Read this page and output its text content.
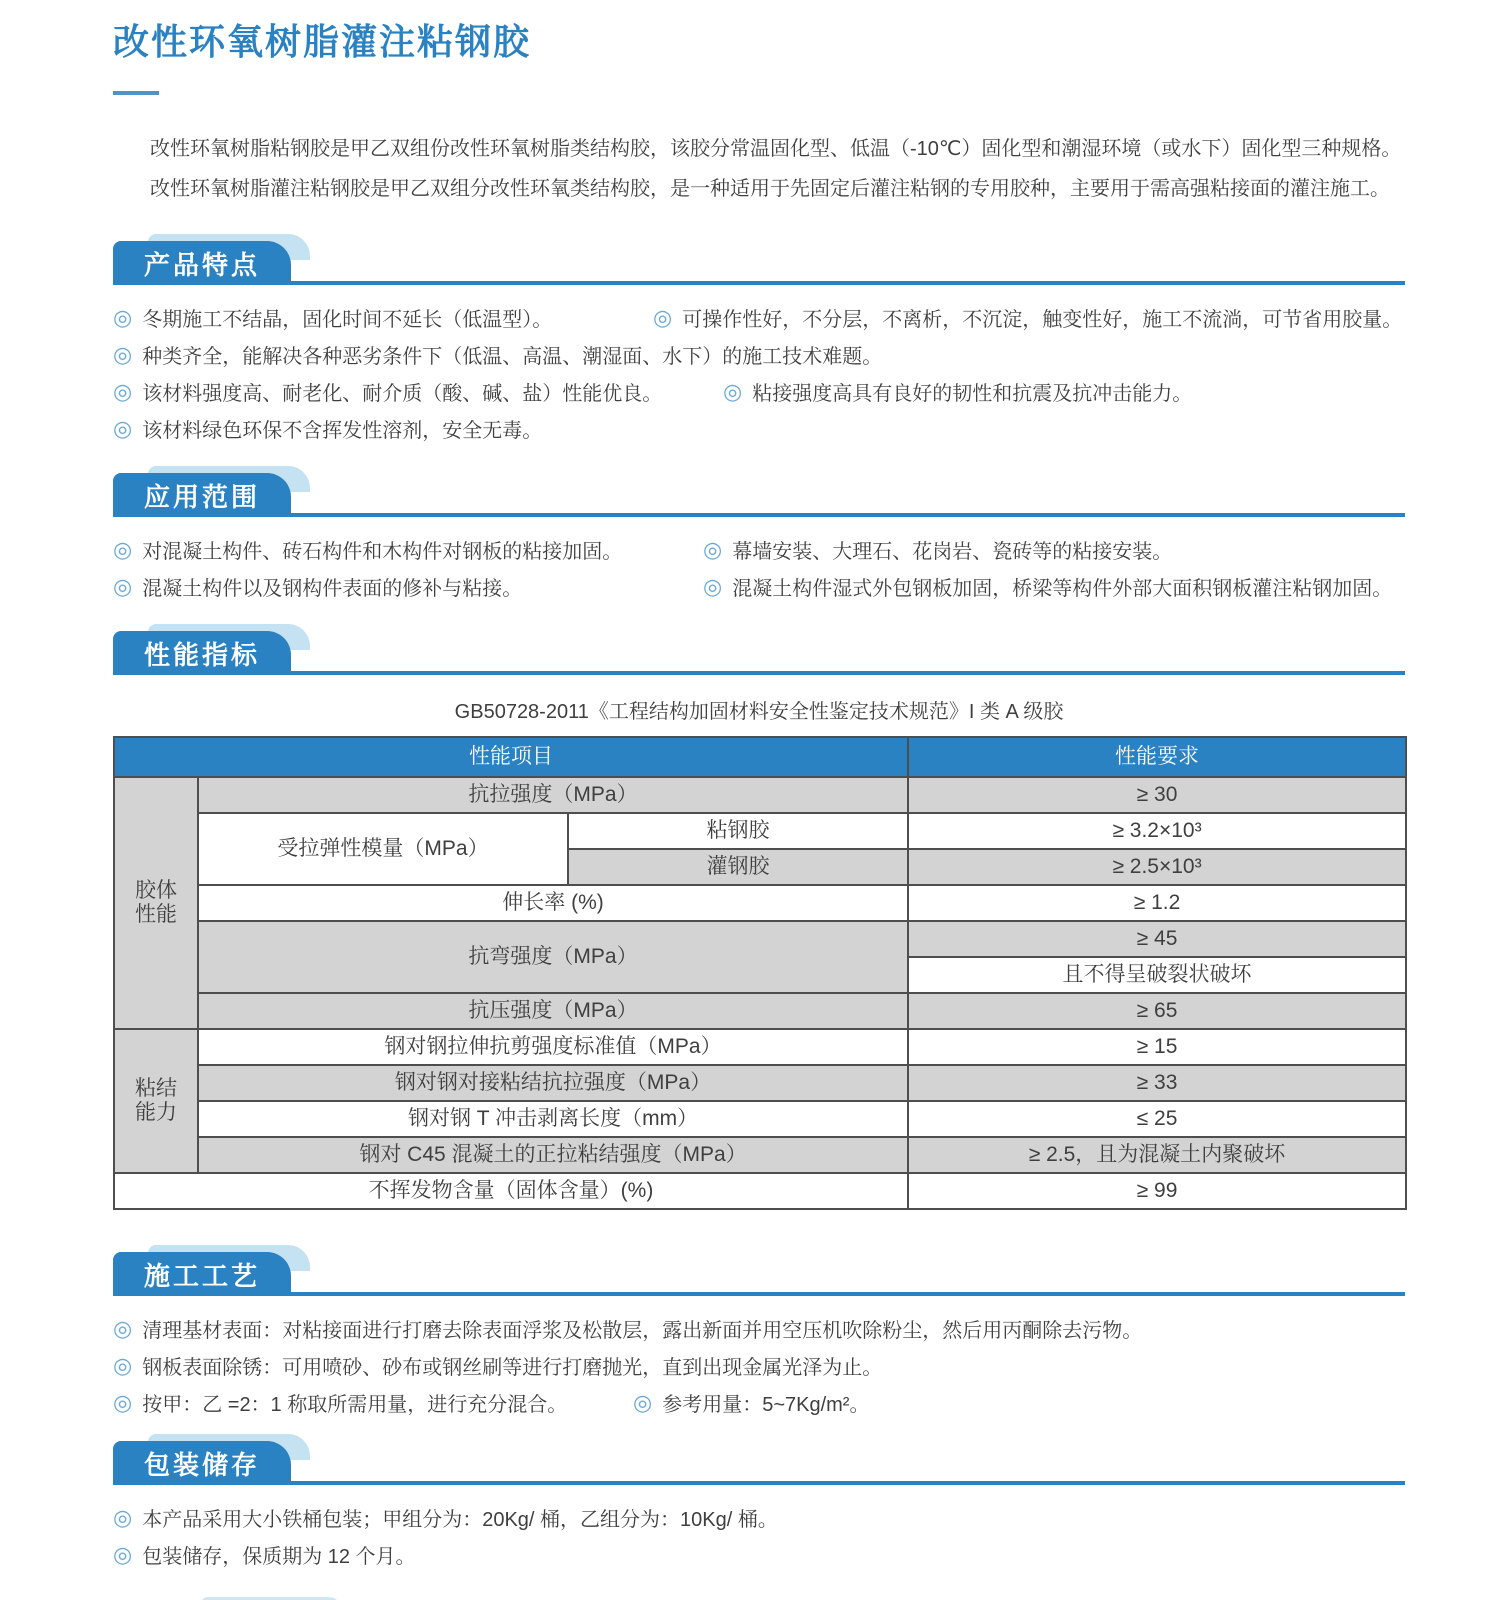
改性环氧树脂灌注粘钢胶

改性环氧树脂粘钢胶是甲乙双组份改性环氧树脂类结构胶，该胶分常温固化型、低温（-10℃）固化型和潮湿环境（或水下）固化型三种规格。

改性环氧树脂灌注粘钢胶是甲乙双组分改性环氧类结构胶，是一种适用于先固定后灌注粘钢的专用胶种，主要用于需高强粘接面的灌注施工。

产品特点
◎ 冬期施工不结晶，固化时间不延长（低温型）。	◎ 可操作性好，不分层，不离析，不沉淀，触变性好，施工不流淌，可节省用胶量。
◎ 种类齐全，能解决各种恶劣条件下（低温、高温、潮湿面、水下）的施工技术难题。
◎ 该材料强度高、耐老化、耐介质（酸、碱、盐）性能优良。	◎ 粘接强度高具有良好的韧性和抗震及抗冲击能力。
◎ 该材料绿色环保不含挥发性溶剂，安全无毒。
应用范围
◎ 对混凝土构件、砖石构件和木构件对钢板的粘接加固。	◎ 幕墙安装、大理石、花岗岩、瓷砖等的粘接安装。
◎ 混凝土构件以及钢构件表面的修补与粘接。	◎ 混凝土构件湿式外包钢板加固，桥梁等构件外部大面积钢板灌注粘钢加固。
性能指标
GB50728-2011《工程结构加固材料安全性鉴定技术规范》I 类 A 级胶
性能项目			性能要求
胶体
性能	抗拉强度（MPa）		≥ 30
	受拉弹性模量（MPa）	粘钢胶	≥ 3.2×10³
		灌钢胶	≥ 2.5×10³
	伸长率 (%)		≥ 1.2
	抗弯强度（MPa）		≥ 45
			且不得呈破裂状破坏
	抗压强度（MPa）		≥ 65
粘结
能力	钢对钢拉伸抗剪强度标准值（MPa）		≥ 15
	钢对钢对接粘结抗拉强度（MPa）		≥ 33
	钢对钢 T 冲击剥离长度（mm）		≤ 25
	钢对 C45 混凝土的正拉粘结强度（MPa）		≥ 2.5，且为混凝土内聚破坏
不挥发物含量（固体含量）(%)			≥ 99
施工工艺
◎ 清理基材表面：对粘接面进行打磨去除表面浮浆及松散层，露出新面并用空压机吹除粉尘，然后用丙酮除去污物。
◎ 钢板表面除锈：可用喷砂、砂布或钢丝刷等进行打磨抛光，直到出现金属光泽为止。
◎ 按甲：乙 =2：1 称取所需用量，进行充分混合。	◎ 参考用量：5~7Kg/m²。
包装储存
◎ 本产品采用大小铁桶包装；甲组分为：20Kg/ 桶，乙组分为：10Kg/ 桶。
◎ 包装储存，保质期为 12 个月。
